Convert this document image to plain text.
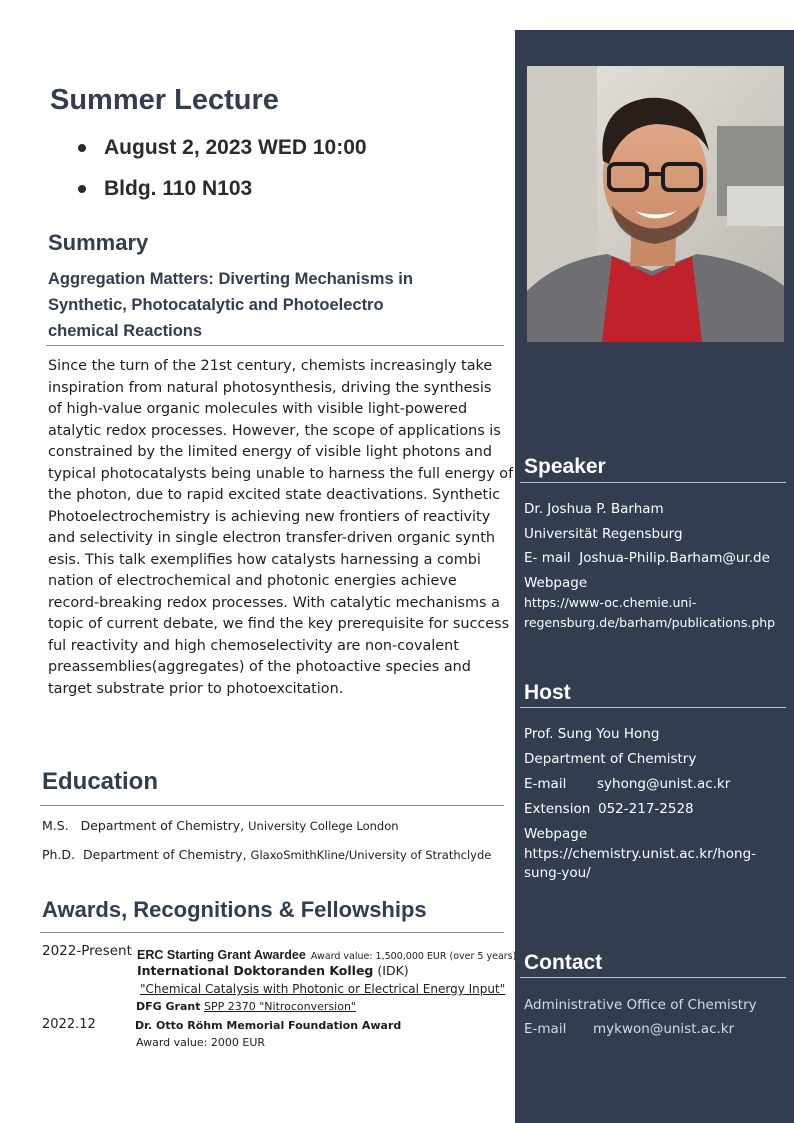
Summer Lecture
August 2, 2023 WED 10:00
Bldg. 110 N103
Summary
Aggregation Matters: Diverting Mechanisms in
Synthetic, Photocatalytic and Photoelectro
chemical Reactions
Since the turn of the 21st century, chemists increasingly take
inspiration from natural photosynthesis, driving the synthesis
of high-value organic molecules with visible light-powered
atalytic redox processes. However, the scope of applications is
constrained by the limited energy of visible light photons and
typical photocatalysts being unable to harness the full energy of
the photon, due to rapid excited state deactivations. Synthetic
Photoelectrochemistry is achieving new frontiers of reactivity
and selectivity in single electron transfer-driven organic synth
esis. This talk exemplifies how catalysts harnessing a combi
nation of electrochemical and photonic energies achieve
record-breaking redox processes. With catalytic mechanisms a
topic of current debate, we find the key prerequisite for success
ful reactivity and high chemoselectivity are non-covalent
preassemblies(aggregates) of the photoactive species and
target substrate prior to photoexcitation.
Education
M.S. Department of Chemistry, University College London
Ph.D. Department of Chemistry, GlaxoSmithKline/University of Strathclyde
Awards, Recognitions & Fellowships
2022-Present ERC Starting Grant Awardee Award value: 1,500,000 EUR (over 5 years)
International Doktoranden Kolleg (IDK)
"Chemical Catalysis with Photonic or Electrical Energy Input"
DFG Grant SPP 2370 "Nitroconversion"
2022.12	Dr. Otto Röhm Memorial Foundation Award
Award value: 2000 EUR
Speaker
Dr. Joshua P. Barham
Universität Regensburg
E- mail Joshua-Philip.Barham@ur.de
Webpage
https://www-oc.chemie.uni-
regensburg.de/barham/publications.php
Host
Prof. Sung You Hong
Department of Chemistry
E-mail syhong@unist.ac.kr
Extension 052-217-2528
Webpage
https://chemistry.unist.ac.kr/hong-
sung-you/
Contact
Administrative Office of Chemistry
E-mail mykwon@unist.ac.kr
